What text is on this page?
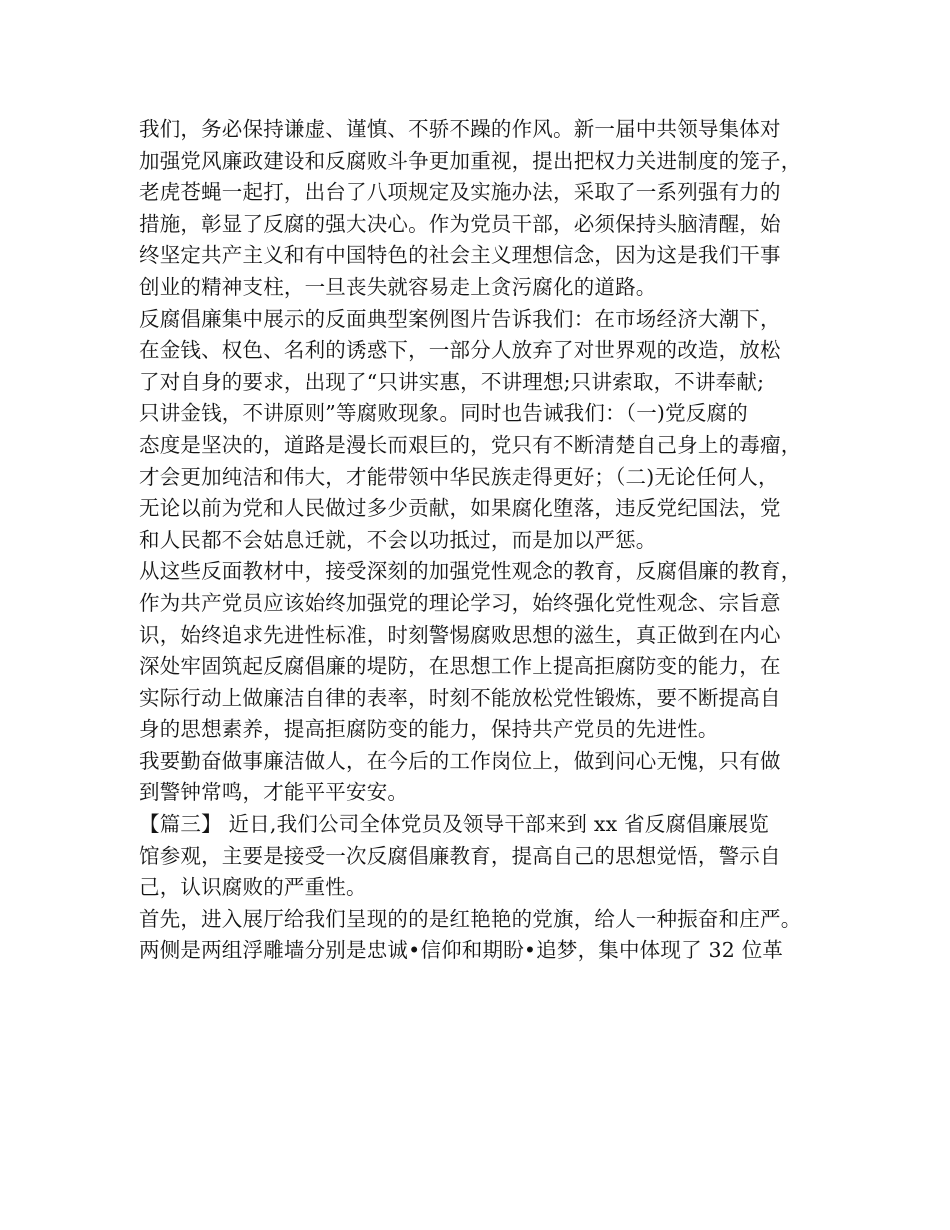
我们，务必保持谦虚、谨慎、不骄不躁的作风。新一届中共领导集体对
加强党风廉政建设和反腐败斗争更加重视，提出把权力关进制度的笼子，
老虎苍蝇一起打，出台了八项规定及实施办法，采取了一系列强有力的
措施，彰显了反腐的强大决心。作为党员干部，必须保持头脑清醒，始
终坚定共产主义和有中国特色的社会主义理想信念，因为这是我们干事
创业的精神支柱，一旦丧失就容易走上贪污腐化的道路。
反腐倡廉集中展示的反面典型案例图片告诉我们：在市场经济大潮下，
在金钱、权色、名利的诱惑下，一部分人放弃了对世界观的改造，放松
了对自身的要求，出现了“只讲实惠，不讲理想;只讲索取，不讲奉献;
只讲金钱，不讲原则”等腐败现象。同时也告诫我们：（一)党反腐的
态度是坚决的，道路是漫长而艰巨的，党只有不断清楚自己身上的毒瘤，
才会更加纯洁和伟大，才能带领中华民族走得更好；（二)无论任何人，
无论以前为党和人民做过多少贡献，如果腐化堕落，违反党纪国法，党
和人民都不会姑息迁就，不会以功抵过，而是加以严惩。
从这些反面教材中，接受深刻的加强党性观念的教育，反腐倡廉的教育，
作为共产党员应该始终加强党的理论学习，始终强化党性观念、宗旨意
识，始终追求先进性标准，时刻警惕腐败思想的滋生，真正做到在内心
深处牢固筑起反腐倡廉的堤防，在思想工作上提高拒腐防变的能力，在
实际行动上做廉洁自律的表率，时刻不能放松党性锻炼，要不断提高自
身的思想素养，提高拒腐防变的能力，保持共产党员的先进性。
我要勤奋做事廉洁做人，在今后的工作岗位上，做到问心无愧，只有做
到警钟常鸣，才能平平安安。
【篇三】 近日,我们公司全体党员及领导干部来到 xx 省反腐倡廉展览
馆参观，主要是接受一次反腐倡廉教育，提高自己的思想觉悟，警示自
己，认识腐败的严重性。
首先，进入展厅给我们呈现的的是红艳艳的党旗，给人一种振奋和庄严。
两侧是两组浮雕墙分别是忠诚•信仰和期盼•追梦，集中体现了 32 位革
